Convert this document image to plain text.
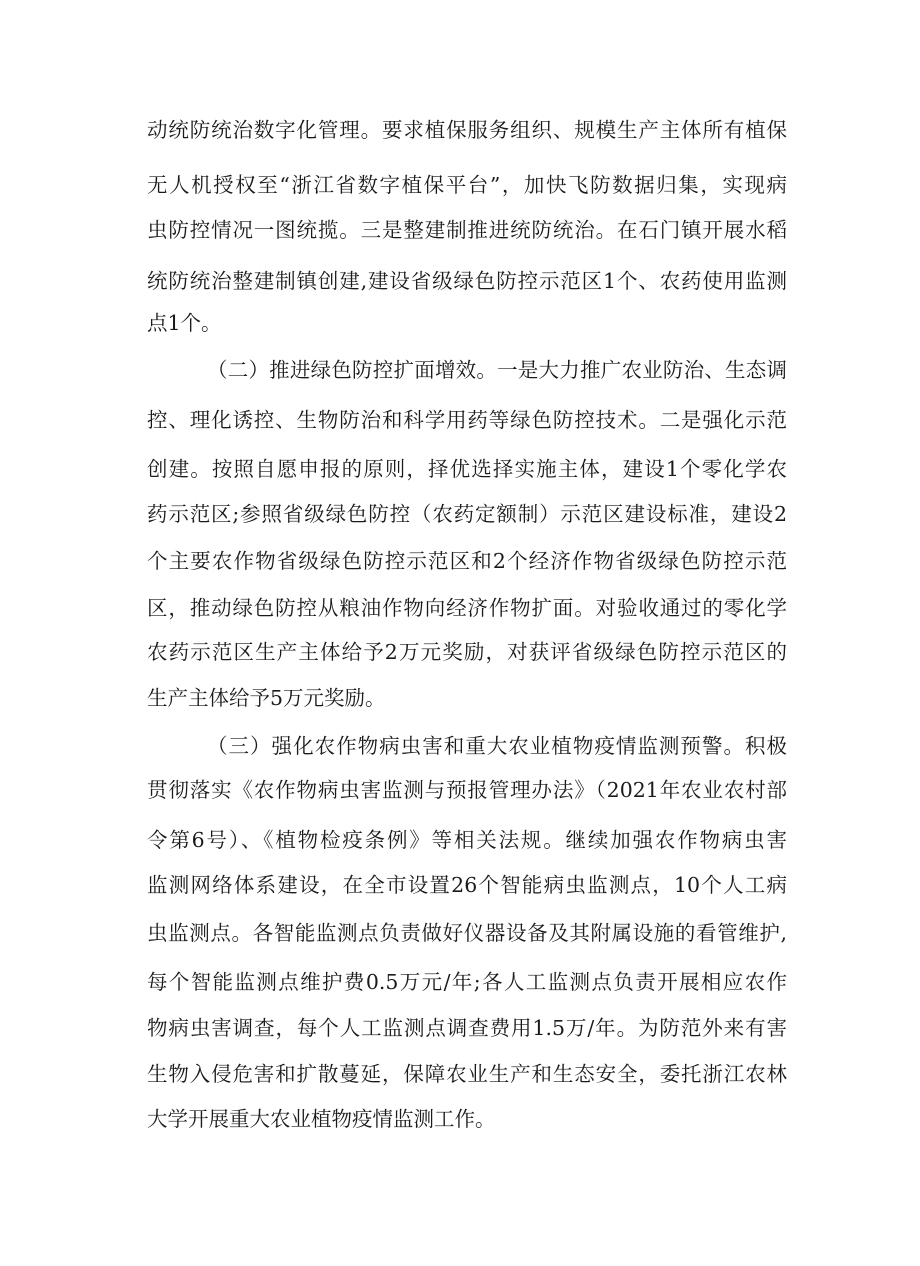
动统防统治数字化管理。要求植保服务组织、规模生产主体所有植保
无人机授权至“浙江省数字植保平台”，加快飞防数据归集，实现病
虫防控情况一图统揽。三是整建制推进统防统治。在石门镇开展水稻
统防统治整建制镇创建,建设省级绿色防控示范区1个、农药使用监测
点1个。
（二）推进绿色防控扩面增效。一是大力推广农业防治、生态调
控、理化诱控、生物防治和科学用药等绿色防控技术。二是强化示范
创建。按照自愿申报的原则，择优选择实施主体，建设1个零化学农
药示范区;参照省级绿色防控（农药定额制）示范区建设标准，建设2
个主要农作物省级绿色防控示范区和2个经济作物省级绿色防控示范
区，推动绿色防控从粮油作物向经济作物扩面。对验收通过的零化学
农药示范区生产主体给予2万元奖励，对获评省级绿色防控示范区的
生产主体给予5万元奖励。
（三）强化农作物病虫害和重大农业植物疫情监测预警。积极
贯彻落实《农作物病虫害监测与预报管理办法》（2021年农业农村部
令第6号）、《植物检疫条例》等相关法规。继续加强农作物病虫害
监测网络体系建设，在全市设置26个智能病虫监测点，10个人工病
虫监测点。各智能监测点负责做好仪器设备及其附属设施的看管维护,
每个智能监测点维护费0.5万元/年;各人工监测点负责开展相应农作
物病虫害调查，每个人工监测点调查费用1.5万/年。为防范外来有害
生物入侵危害和扩散蔓延，保障农业生产和生态安全，委托浙江农林
大学开展重大农业植物疫情监测工作。
